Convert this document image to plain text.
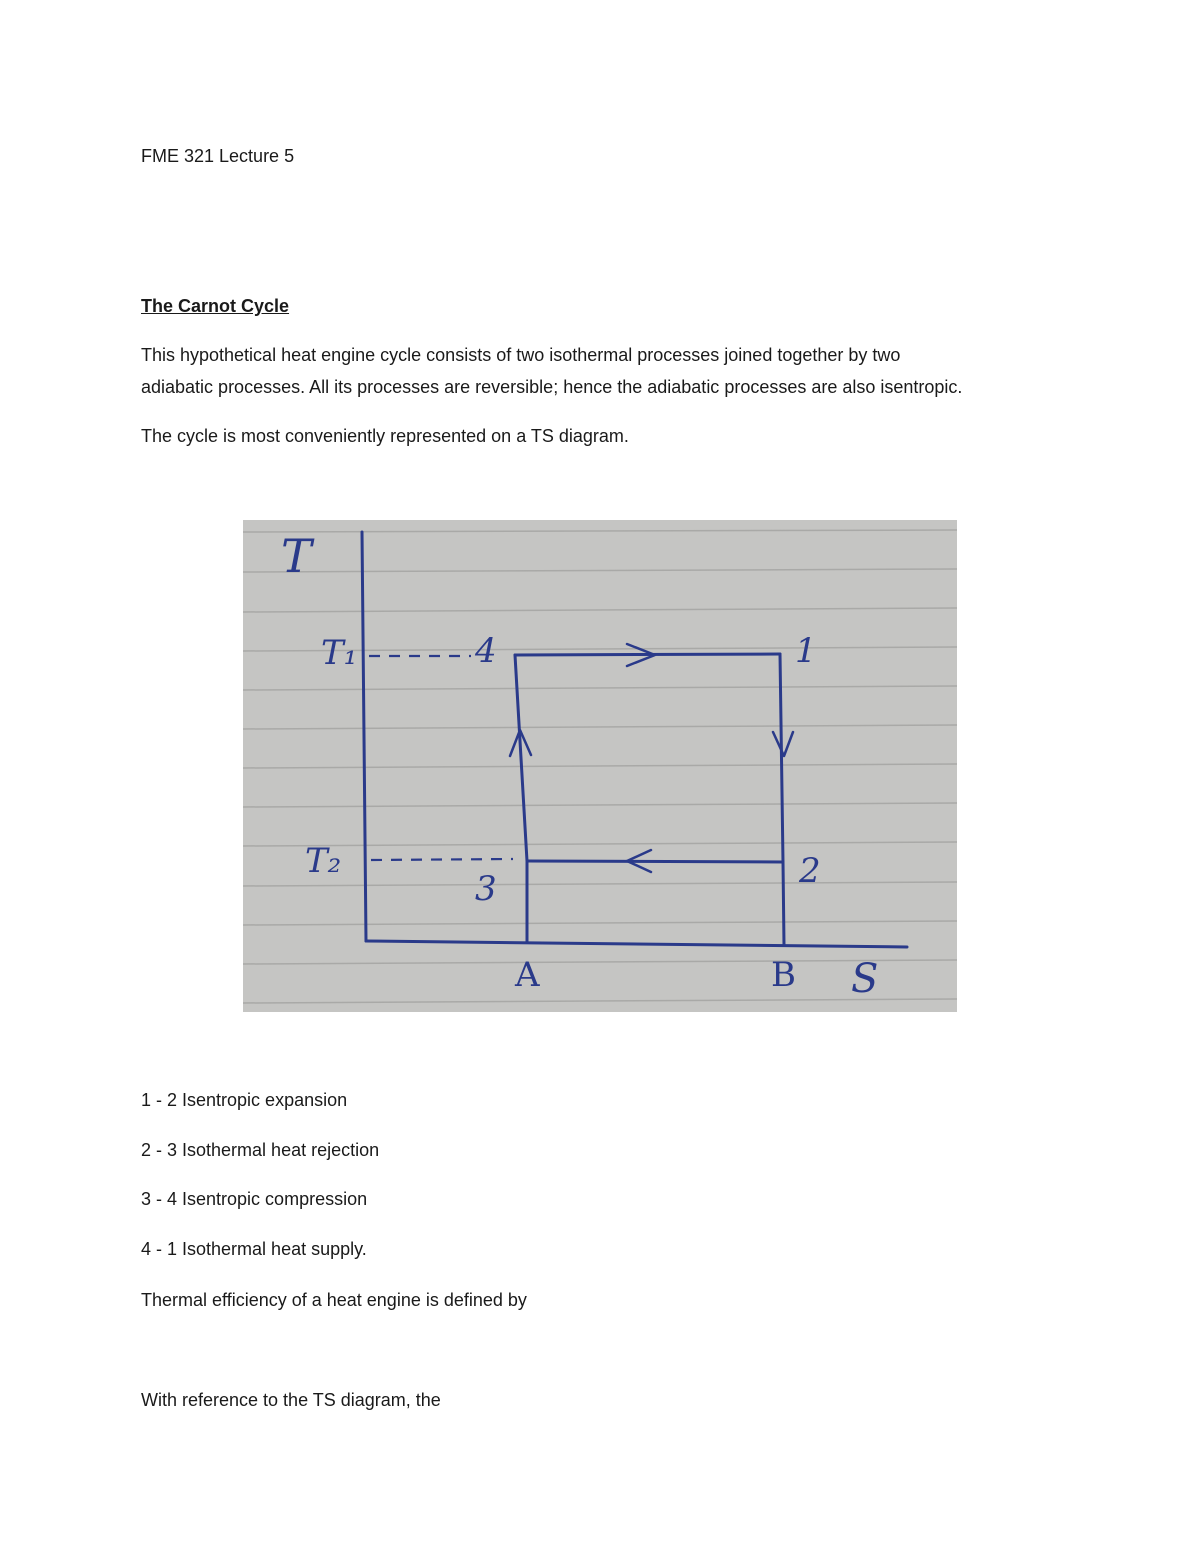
FME 321 Lecture 5

The Carnot Cycle

This hypothetical heat engine cycle consists of two isothermal processes joined together by two

adiabatic processes. All its processes are reversible; hence the adiabatic processes are also isentropic.

The cycle is most conveniently represented on a TS diagram.

T
T₁
T₂
4	1
2
3
A	B S

1 - 2 Isentropic expansion

2 - 3 Isothermal heat rejection

3 - 4 Isentropic compression

4 - 1 Isothermal heat supply.

Thermal efficiency of a heat engine is defined by

With reference to the TS diagram, the
